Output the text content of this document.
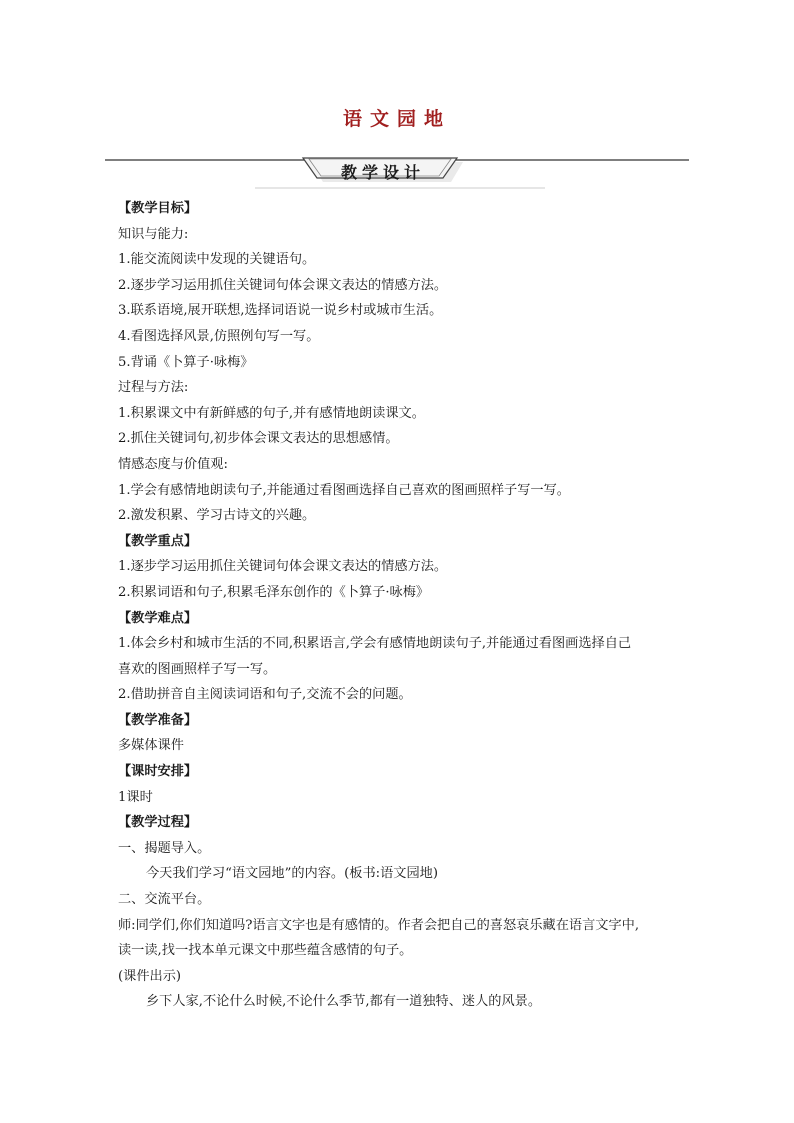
语文园地
教学设计
【教学目标】
知识与能力:
1.能交流阅读中发现的关键语句。
2.逐步学习运用抓住关键词句体会课文表达的情感方法。
3.联系语境,展开联想,选择词语说一说乡村或城市生活。
4.看图选择风景,仿照例句写一写。
5.背诵《卜算子·咏梅》
过程与方法:
1.积累课文中有新鲜感的句子,并有感情地朗读课文。
2.抓住关键词句,初步体会课文表达的思想感情。
情感态度与价值观:
1.学会有感情地朗读句子,并能通过看图画选择自己喜欢的图画照样子写一写。
2.激发积累、学习古诗文的兴趣。
【教学重点】
1.逐步学习运用抓住关键词句体会课文表达的情感方法。
2.积累词语和句子,积累毛泽东创作的《卜算子·咏梅》
【教学难点】
1.体会乡村和城市生活的不同,积累语言,学会有感情地朗读句子,并能通过看图画选择自己
喜欢的图画照样子写一写。
2.借助拼音自主阅读词语和句子,交流不会的问题。
【教学准备】
多媒体课件
【课时安排】
1课时
【教学过程】
一、揭题导入。
今天我们学习“语文园地”的内容。(板书:语文园地)
二、交流平台。
师:同学们,你们知道吗?语言文字也是有感情的。作者会把自己的喜怒哀乐藏在语言文字中,
读一读,找一找本单元课文中那些蕴含感情的句子。
(课件出示)
乡下人家,不论什么时候,不论什么季节,都有一道独特、迷人的风景。
